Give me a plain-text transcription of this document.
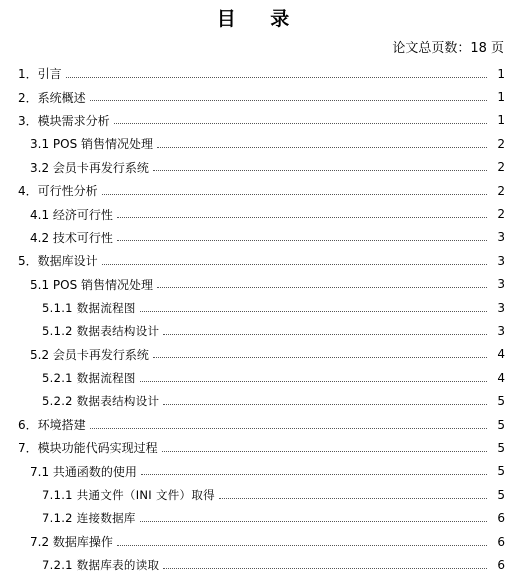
目 录
论文总页数：18 页
1．引言	1
2．系统概述	1
3．模块需求分析	1
3.1 POS 销售情况处理	2
3.2 会员卡再发行系统	2
4．可行性分析	2
4.1 经济可行性	2
4.2 技术可行性	3
5．数据库设计	3
5.1 POS 销售情况处理	3
5.1.1 数据流程图	3
5.1.2 数据表结构设计	3
5.2 会员卡再发行系统	4
5.2.1 数据流程图	4
5.2.2 数据表结构设计	5
6．环境搭建	5
7．模块功能代码实现过程	5
7.1 共通函数的使用	5
7.1.1 共通文件（INI 文件）取得	5
7.1.2 连接数据库	6
7.2 数据库操作	6
7.2.1 数据库表的读取	6
